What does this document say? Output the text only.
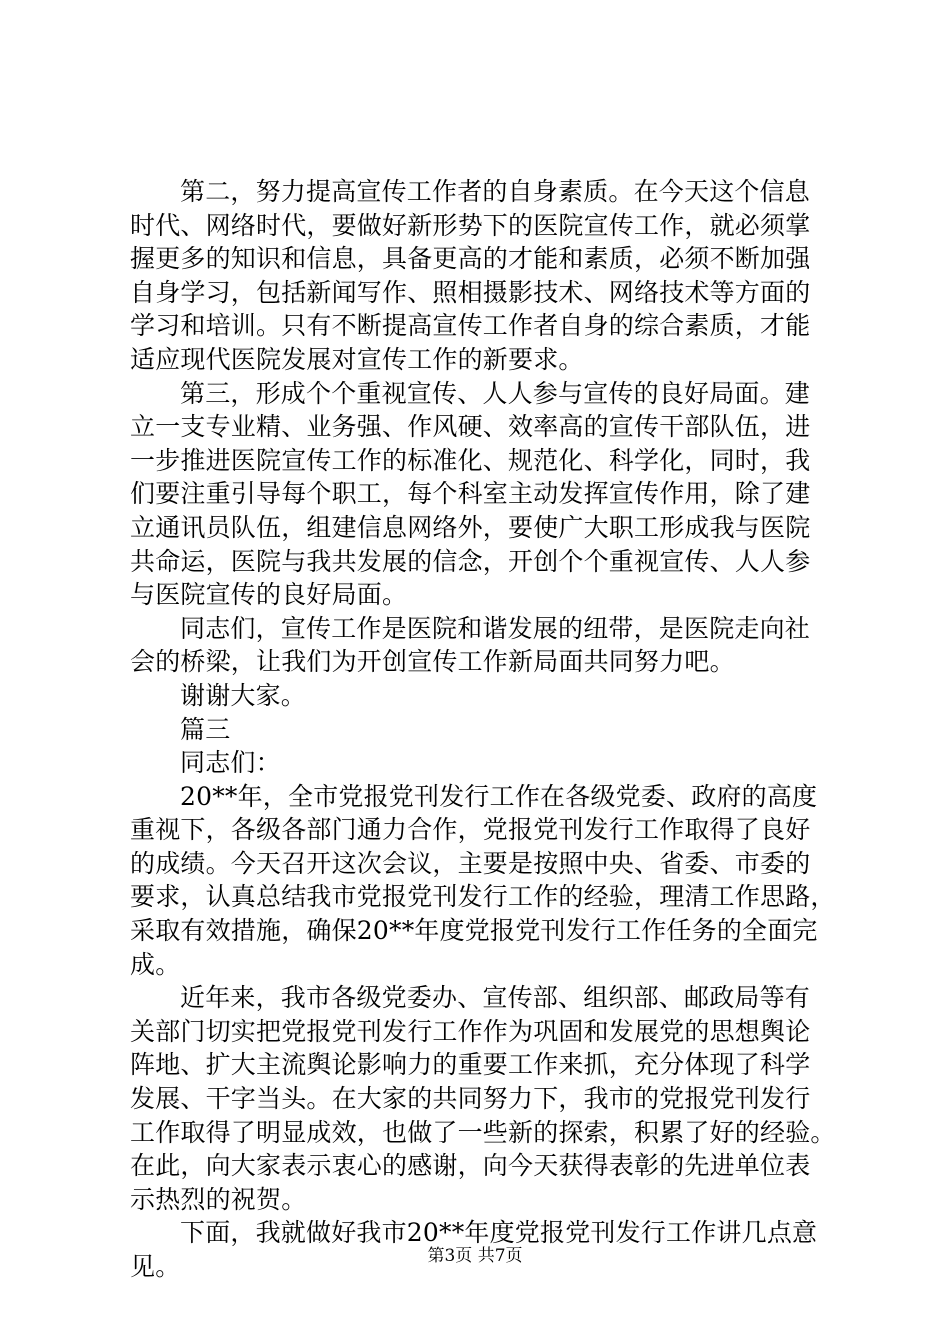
第二，努力提高宣传工作者的自身素质。在今天这个信息
时代、网络时代，要做好新形势下的医院宣传工作，就必须掌
握更多的知识和信息，具备更高的才能和素质，必须不断加强
自身学习，包括新闻写作、照相摄影技术、网络技术等方面的
学习和培训。只有不断提高宣传工作者自身的综合素质，才能
适应现代医院发展对宣传工作的新要求。
第三，形成个个重视宣传、人人参与宣传的良好局面。建
立一支专业精、业务强、作风硬、效率高的宣传干部队伍，进
一步推进医院宣传工作的标准化、规范化、科学化，同时，我
们要注重引导每个职工，每个科室主动发挥宣传作用，除了建
立通讯员队伍，组建信息网络外，要使广大职工形成我与医院
共命运，医院与我共发展的信念，开创个个重视宣传、人人参
与医院宣传的良好局面。
同志们，宣传工作是医院和谐发展的纽带，是医院走向社
会的桥梁，让我们为开创宣传工作新局面共同努力吧。
谢谢大家。
篇三
同志们：
20**年，全市党报党刊发行工作在各级党委、政府的高度
重视下，各级各部门通力合作，党报党刊发行工作取得了良好
的成绩。今天召开这次会议，主要是按照中央、省委、市委的
要求，认真总结我市党报党刊发行工作的经验，理清工作思路，
采取有效措施，确保20**年度党报党刊发行工作任务的全面完
成。
近年来，我市各级党委办、宣传部、组织部、邮政局等有
关部门切实把党报党刊发行工作作为巩固和发展党的思想舆论
阵地、扩大主流舆论影响力的重要工作来抓，充分体现了科学
发展、干字当头。在大家的共同努力下，我市的党报党刊发行
工作取得了明显成效，也做了一些新的探索，积累了好的经验。
在此，向大家表示衷心的感谢，向今天获得表彰的先进单位表
示热烈的祝贺。
下面，我就做好我市20**年度党报党刊发行工作讲几点意
见。	第3页 共7页
